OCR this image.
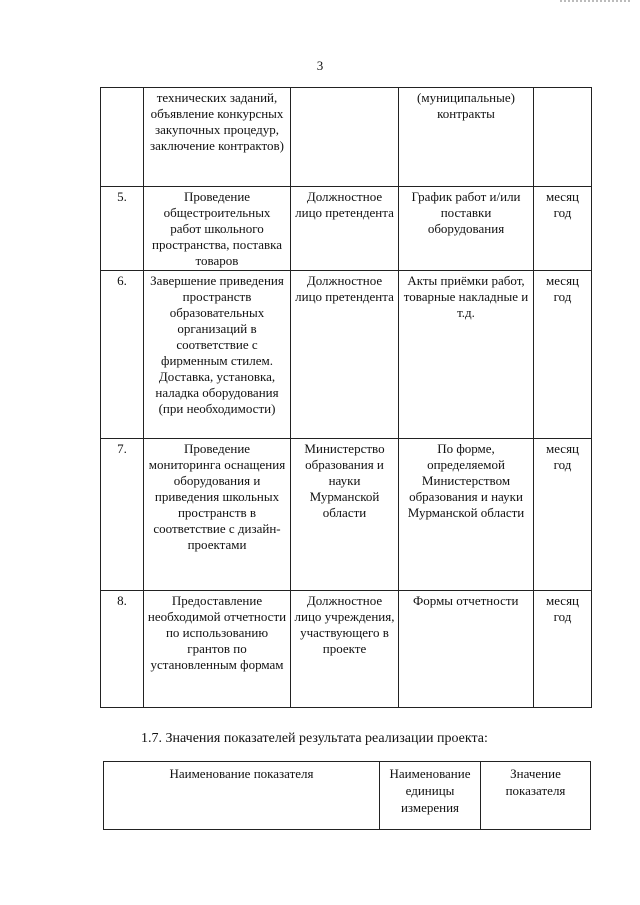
3
	технических заданий, объявление конкурсных закупочных процедур, заключение контрактов)		(муниципальные) контракты	
5.	Проведение общестроительных работ школьного пространства, поставка товаров	Должностное лицо претендента	График работ и/или поставки оборудования	месяц год
6.	Завершение приведения пространств образовательных организаций в соответствие с фирменным стилем. Доставка, установка, наладка оборудования (при необходимости)	Должностное лицо претендента	Акты приёмки работ, товарные накладные и т.д.	месяц год
7.	Проведение мониторинга оснащения оборудования и приведения школьных пространств в соответствие с дизайн-проектами	Министерство образования и науки Мурманской области	По форме, определяемой Министерством образования и науки Мурманской области	месяц год
8.	Предоставление необходимой отчетности по использованию грантов по установленным формам	Должностное лицо учреждения, участвующего в проекте	Формы отчетности	месяц год
1.7. Значения показателей результата реализации проекта:
Наименование показателя	Наименование единицы измерения	Значение показателя
